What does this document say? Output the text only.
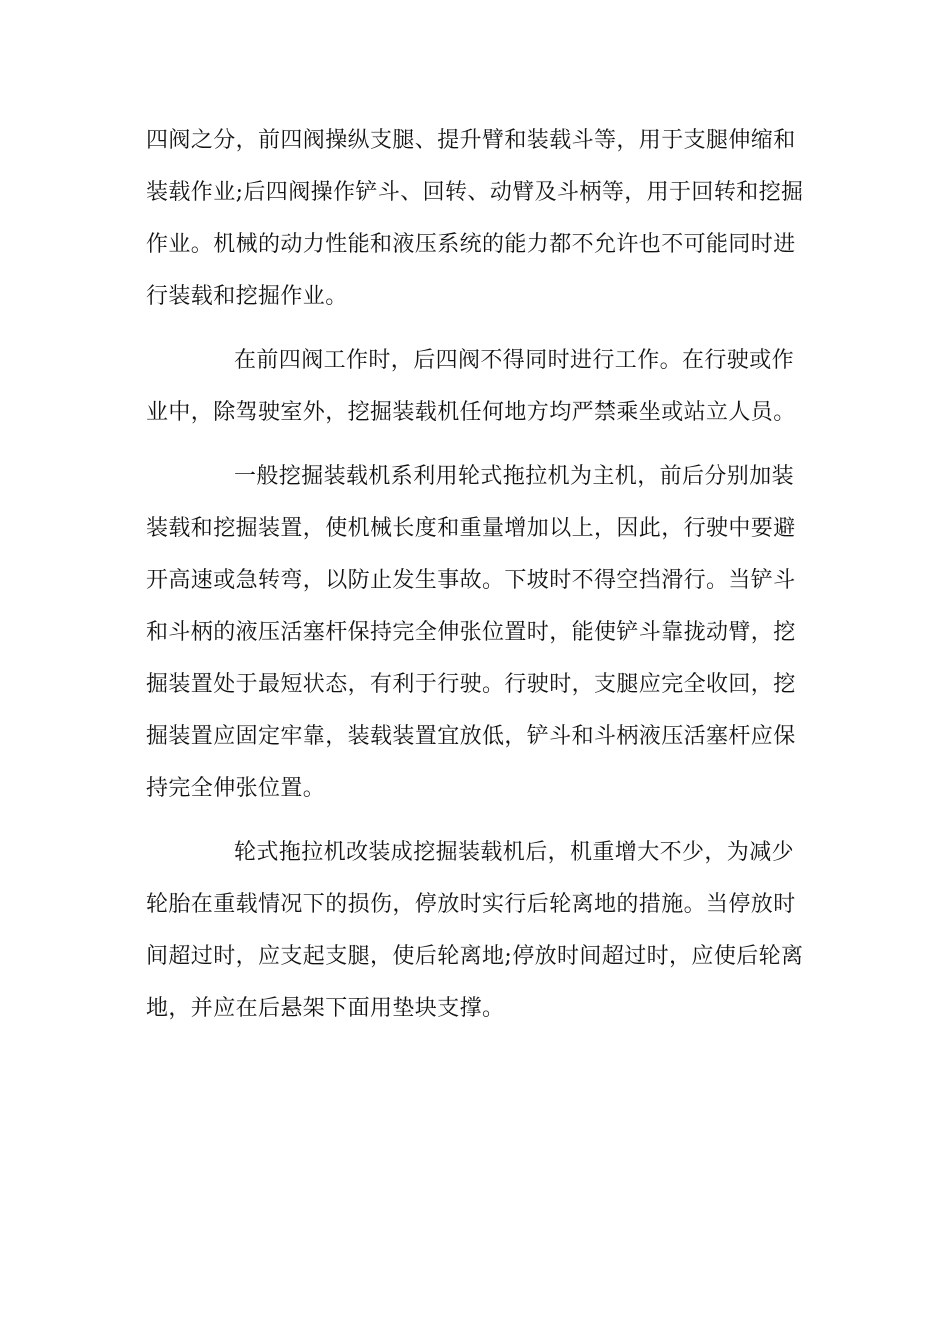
四阀之分，前四阀操纵支腿、提升臂和装载斗等，用于支腿伸缩和
装载作业;后四阀操作铲斗、回转、动臂及斗柄等，用于回转和挖掘
作业。机械的动力性能和液压系统的能力都不允许也不可能同时进
行装载和挖掘作业。
在前四阀工作时，后四阀不得同时进行工作。在行驶或作
业中，除驾驶室外，挖掘装载机任何地方均严禁乘坐或站立人员。
一般挖掘装载机系利用轮式拖拉机为主机，前后分别加装
装载和挖掘装置，使机械长度和重量增加以上，因此，行驶中要避
开高速或急转弯，以防止发生事故。下坡时不得空挡滑行。当铲斗
和斗柄的液压活塞杆保持完全伸张位置时，能使铲斗靠拢动臂，挖
掘装置处于最短状态，有利于行驶。行驶时，支腿应完全收回，挖
掘装置应固定牢靠，装载装置宜放低，铲斗和斗柄液压活塞杆应保
持完全伸张位置。
轮式拖拉机改装成挖掘装载机后，机重增大不少，为减少
轮胎在重载情况下的损伤，停放时实行后轮离地的措施。当停放时
间超过时，应支起支腿，使后轮离地;停放时间超过时，应使后轮离
地，并应在后悬架下面用垫块支撑。
